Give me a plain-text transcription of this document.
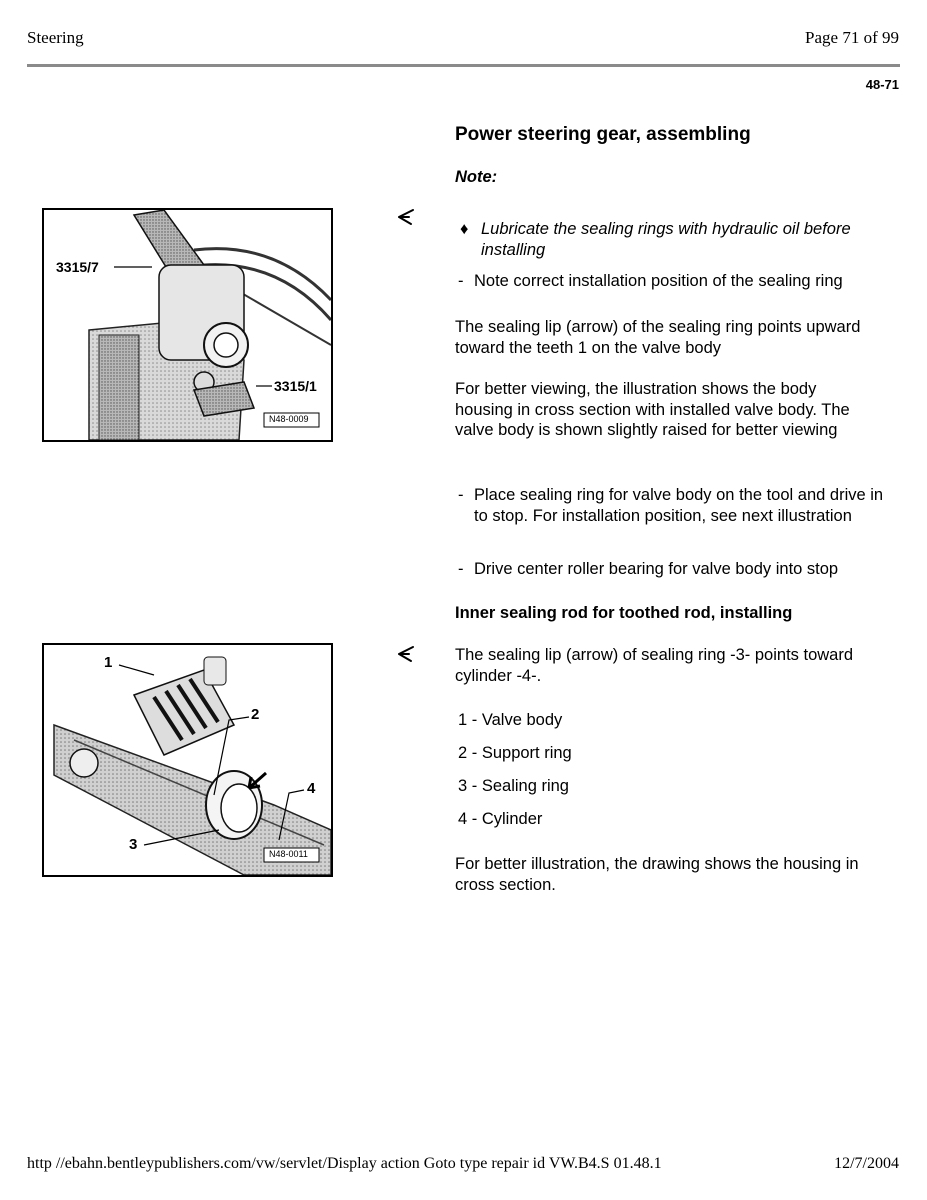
Steering	Page 71 of 99
48-71
Power steering gear, assembling
Note:
♦ Lubricate the sealing rings with hydraulic oil before installing
- Note correct installation position of the sealing ring
The sealing lip (arrow) of the sealing ring points upward toward the teeth 1 on the valve body
For better viewing, the illustration shows the body housing in cross section with installed valve body. The valve body is shown slightly raised for better viewing
- Place sealing ring for valve body on the tool and drive in to stop. For installation position, see next illustration
- Drive center roller bearing for valve body into stop
Inner sealing rod for toothed rod, installing
The sealing lip (arrow) of sealing ring -3- points toward cylinder -4-.
1 - Valve body
2 - Support ring
3 - Sealing ring
4 - Cylinder
For better illustration, the drawing shows the housing in cross section.
3315/7
3315/1
N48-0009
1
2
3
4
N48-0011
http //ebahn.bentleypublishers.com/vw/servlet/Display action Goto type repair id VW.B4.S 01.48.1	12/7/2004
